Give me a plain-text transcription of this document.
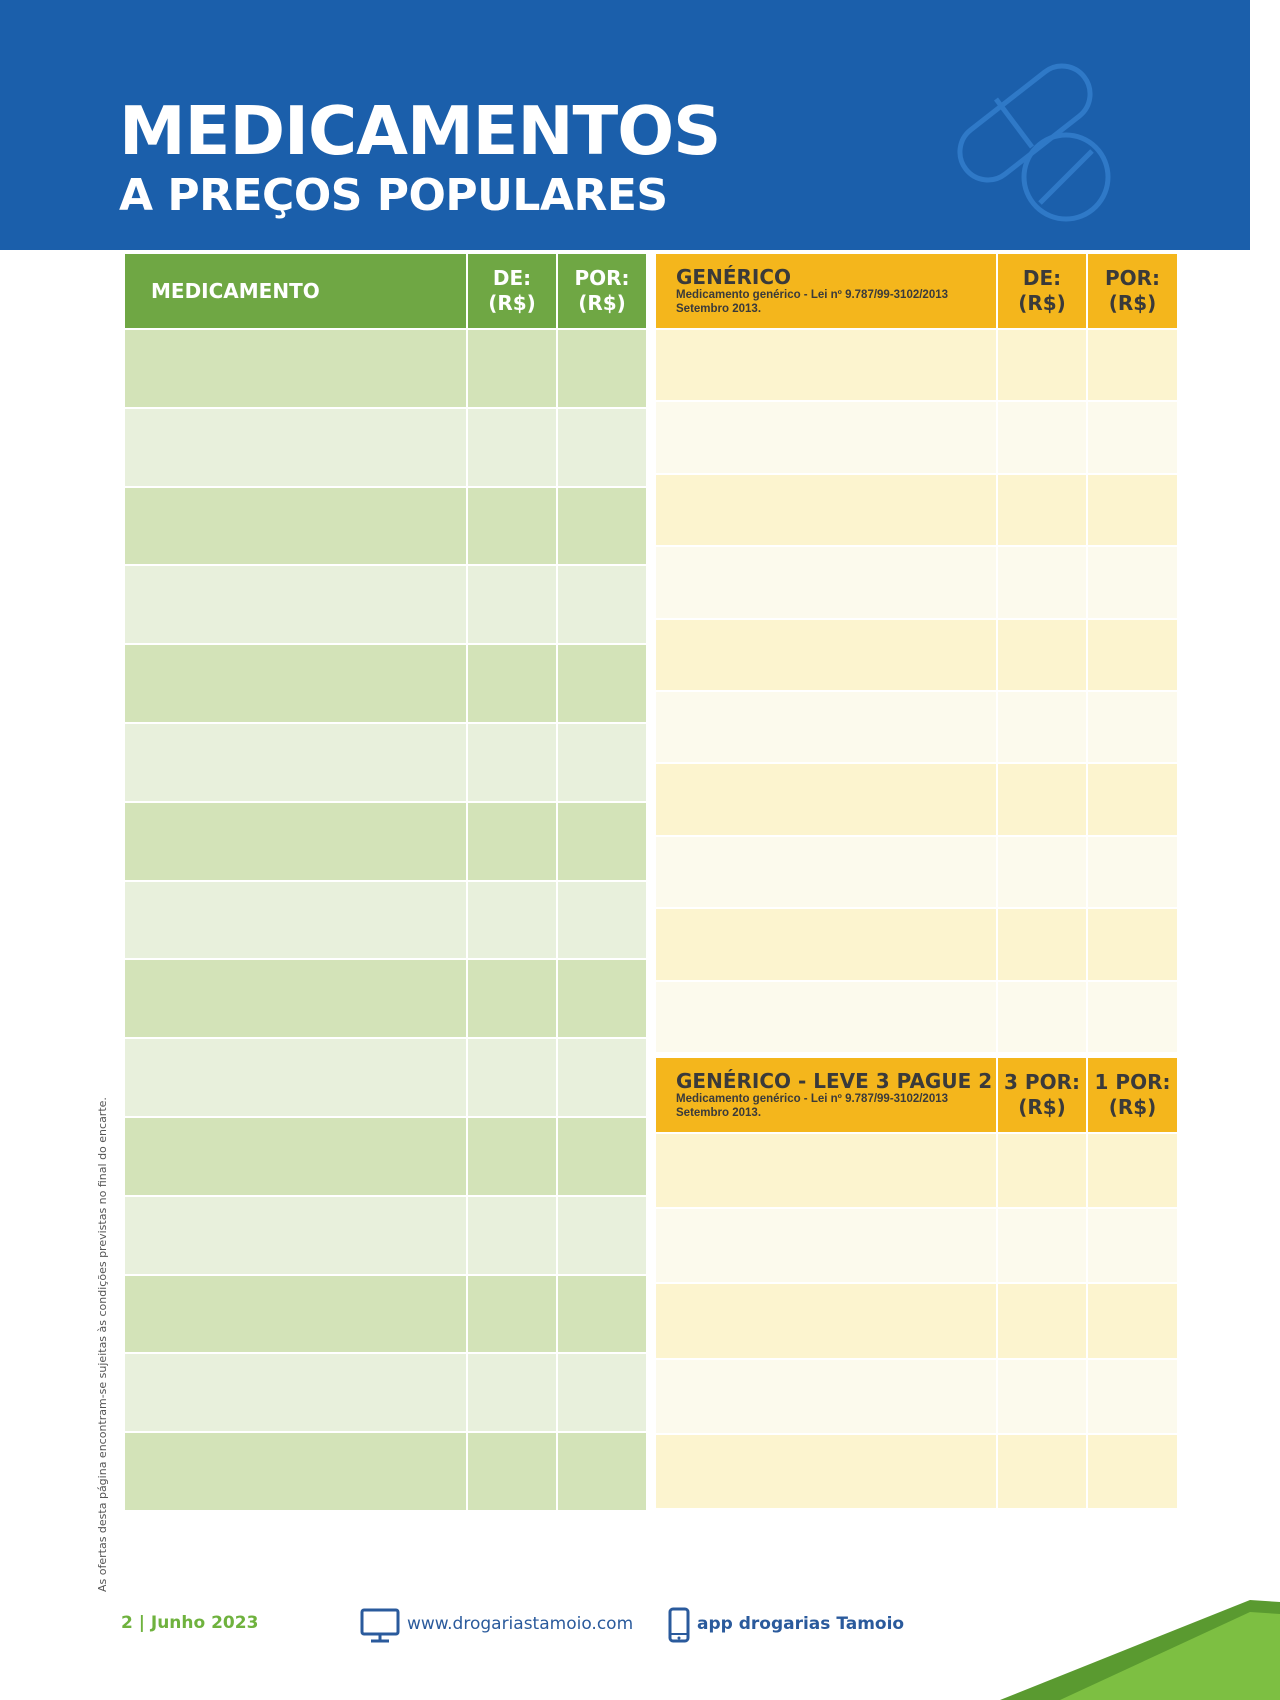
MEDICAMENTOS
A PREÇOS POPULARES
MEDICAMENTO
DE:
(R$)
POR:
(R$)
GENÉRICO
Medicamento genérico - Lei nº 9.787/99-3102/2013
Setembro 2013.
DE:
(R$)
POR:
(R$)
GENÉRICO - LEVE 3 PAGUE 2
Medicamento genérico - Lei nº 9.787/99-3102/2013
Setembro 2013.
3 POR:
(R$)
1 POR:
(R$)
As ofertas desta página encontram-se sujeitas às condições previstas no final do encarte.
2 | Junho 2023	www.drogariastamoio.com	app drogarias Tamoio
